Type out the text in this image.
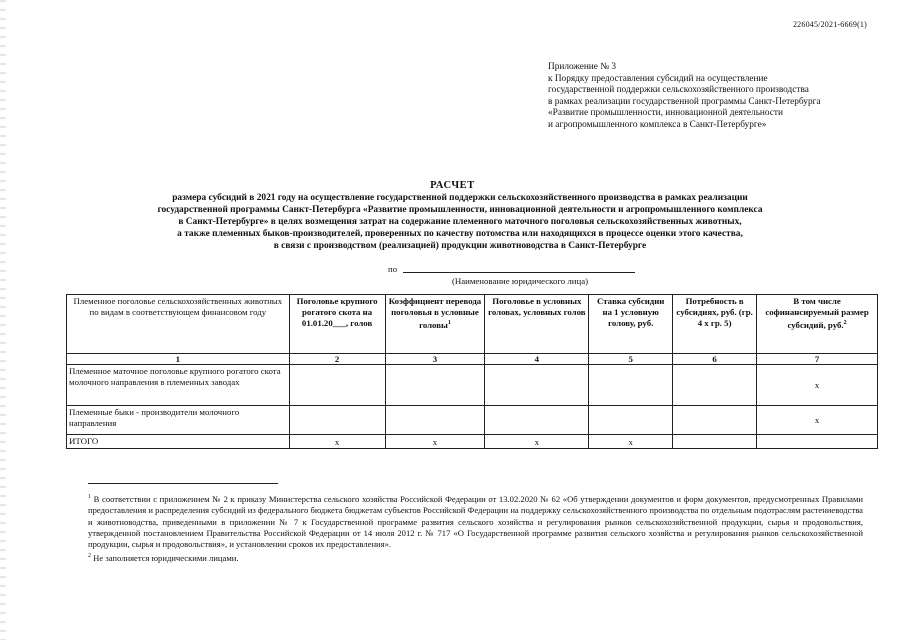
226045/2021-6669(1)
Приложение № 3
к Порядку предоставления субсидий на осуществление
государственной поддержки сельскохозяйственного производства
в рамках реализации государственной программы Санкт-Петербурга
«Развитие промышленности, инновационной деятельности
и агропромышленного комплекса в Санкт-Петербурге»
РАСЧЕТ
размера субсидий в 2021 году на осуществление государственной поддержки сельскохозяйственного производства в рамках реализации
государственной программы Санкт-Петербурга «Развитие промышленности, инновационной деятельности и агропромышленного комплекса
в Санкт-Петербурге» в целях возмещения затрат на содержание племенного маточного поголовья сельскохозяйственных животных,
а также племенных быков-производителей, проверенных по качеству потомства или находящихся в процессе оценки этого качества,
в связи с производством (реализацией) продукции животноводства в Санкт-Петербурге
по
(Наименование юридического лица)
Племенное поголовье сельскохозяйственных животных по видам в соответствующем финансовом году	Поголовье крупного рогатого скота на 01.01.20___, голов	Коэффициент перевода поголовья в условные головы$^1$	Поголовье в условных головах, условных голов	Ставка субсидии на 1 условную голову, руб.	Потребность в субсидиях, руб. (гр. 4 x гр. 5)	В том числе софинансируемый размер субсидий, руб.$^2$
1	2	3	4	5	6	7
Племенное маточное поголовье крупного рогатого скота молочного направления в племенных заводах						x
Племенные быки - производители молочного направления						x
ИТОГО	x	x	x	x		

$^1$ В соответствии с приложением № 2 к приказу Министерства сельского хозяйства Российской Федерации от 13.02.2020 № 62 «Об утверждении документов и форм документов, предусмотренных Правилами предоставления и распределения субсидий из федерального бюджета бюджетам субъектов Российской Федерации на поддержку сельскохозяйственного производства по отдельным подотраслям растениеводства и животноводства, приведенными в приложении № 7 к Государственной программе развития сельского хозяйства и регулирования рынков сельскохозяйственной продукции, сырья и продовольствия, утвержденной постановлением Правительства Российской Федерации от 14 июля 2012 г. № 717 «О Государственной программе развития сельского хозяйства и регулирования рынков сельскохозяйственной продукции, сырья и продовольствия», и установлении сроков их предоставления».

$^2$ Не заполняется юридическими лицами.
